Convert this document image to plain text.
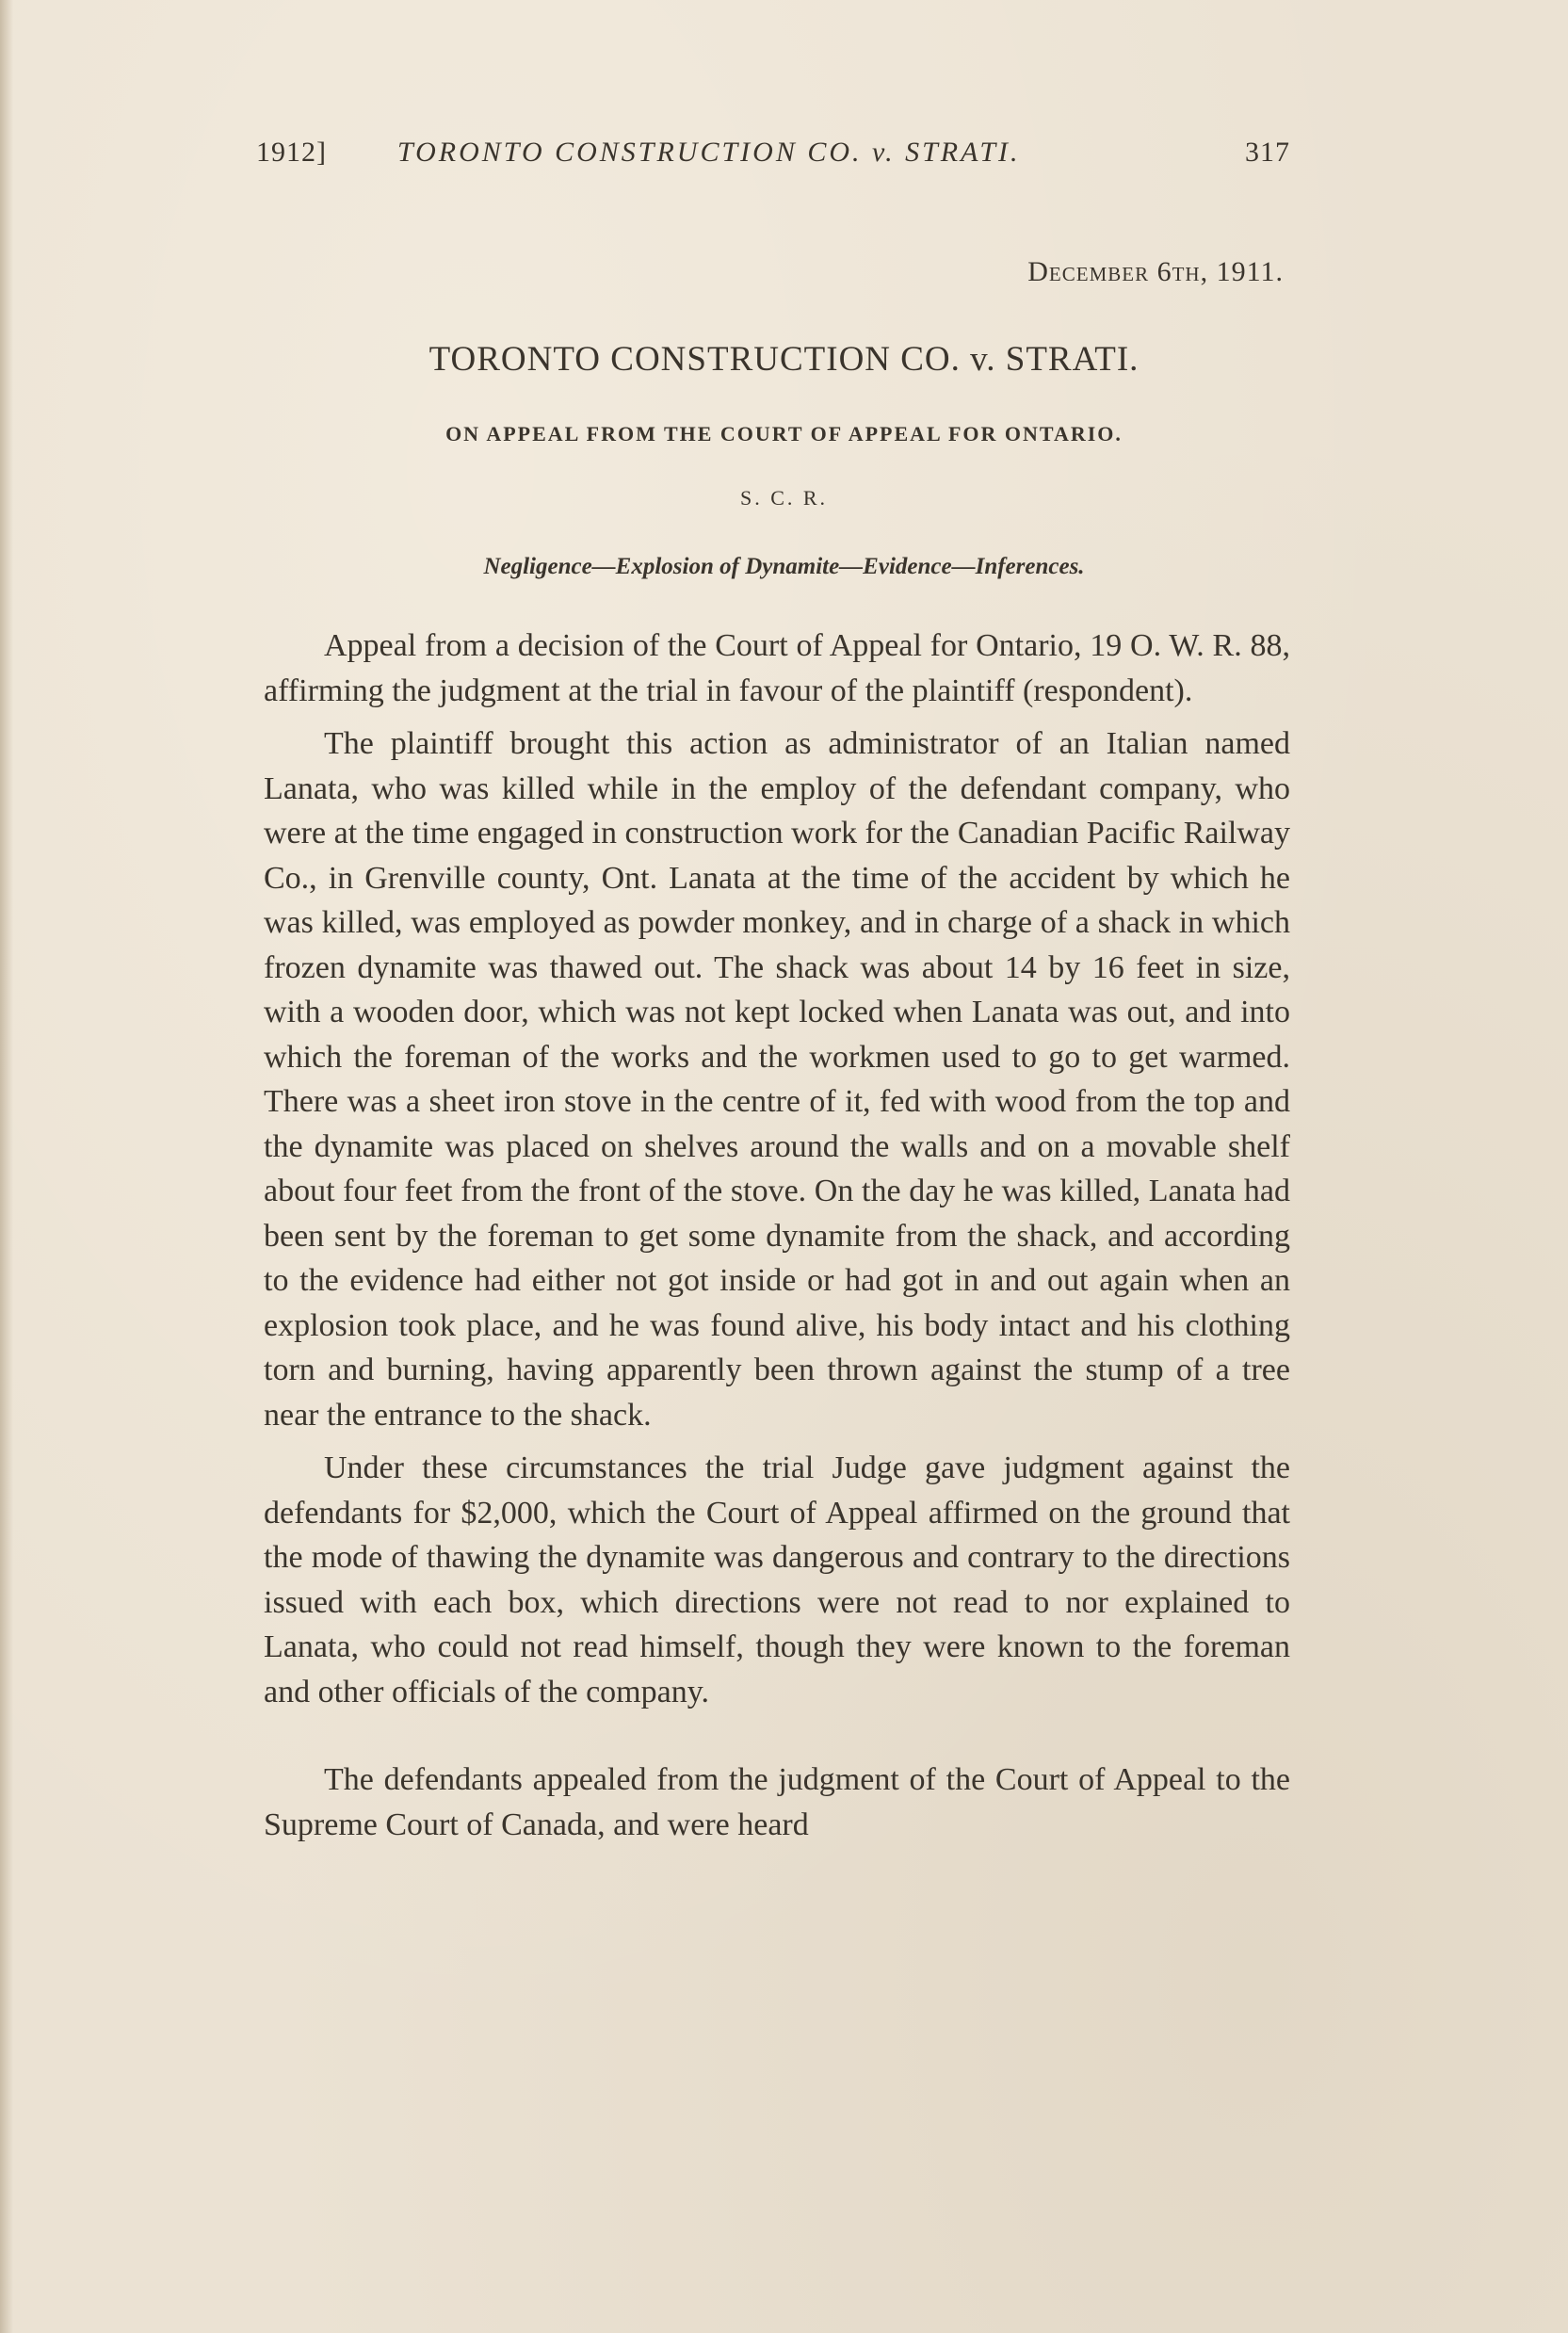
1912]	TORONTO CONSTRUCTION CO. v. STRATI.	317
December 6th, 1911.
TORONTO CONSTRUCTION CO. v. STRATI.
ON APPEAL FROM THE COURT OF APPEAL FOR ONTARIO.
S. C. R.
Negligence—Explosion of Dynamite—Evidence—Inferences.

Appeal from a decision of the Court of Appeal for Ontario, 19 O. W. R. 88, affirming the judgment at the trial in favour of the plaintiff (respondent).

The plaintiff brought this action as administrator of an Italian named Lanata, who was killed while in the employ of the defendant company, who were at the time engaged in construction work for the Canadian Pacific Railway Co., in Grenville county, Ont. Lanata at the time of the accident by which he was killed, was employed as powder monkey, and in charge of a shack in which frozen dynamite was thawed out. The shack was about 14 by 16 feet in size, with a wooden door, which was not kept locked when Lanata was out, and into which the foreman of the works and the workmen used to go to get warmed. There was a sheet iron stove in the centre of it, fed with wood from the top and the dynamite was placed on shelves around the walls and on a movable shelf about four feet from the front of the stove. On the day he was killed, Lanata had been sent by the foreman to get some dynamite from the shack, and according to the evidence had either not got inside or had got in and out again when an explosion took place, and he was found alive, his body intact and his clothing torn and burning, having apparently been thrown against the stump of a tree near the entrance to the shack.

Under these circumstances the trial Judge gave judgment against the defendants for $2,000, which the Court of Appeal affirmed on the ground that the mode of thawing the dynamite was dangerous and contrary to the directions issued with each box, which directions were not read to nor explained to Lanata, who could not read himself, though they were known to the foreman and other officials of the company.

The defendants appealed from the judgment of the Court of Appeal to the Supreme Court of Canada, and were heard
